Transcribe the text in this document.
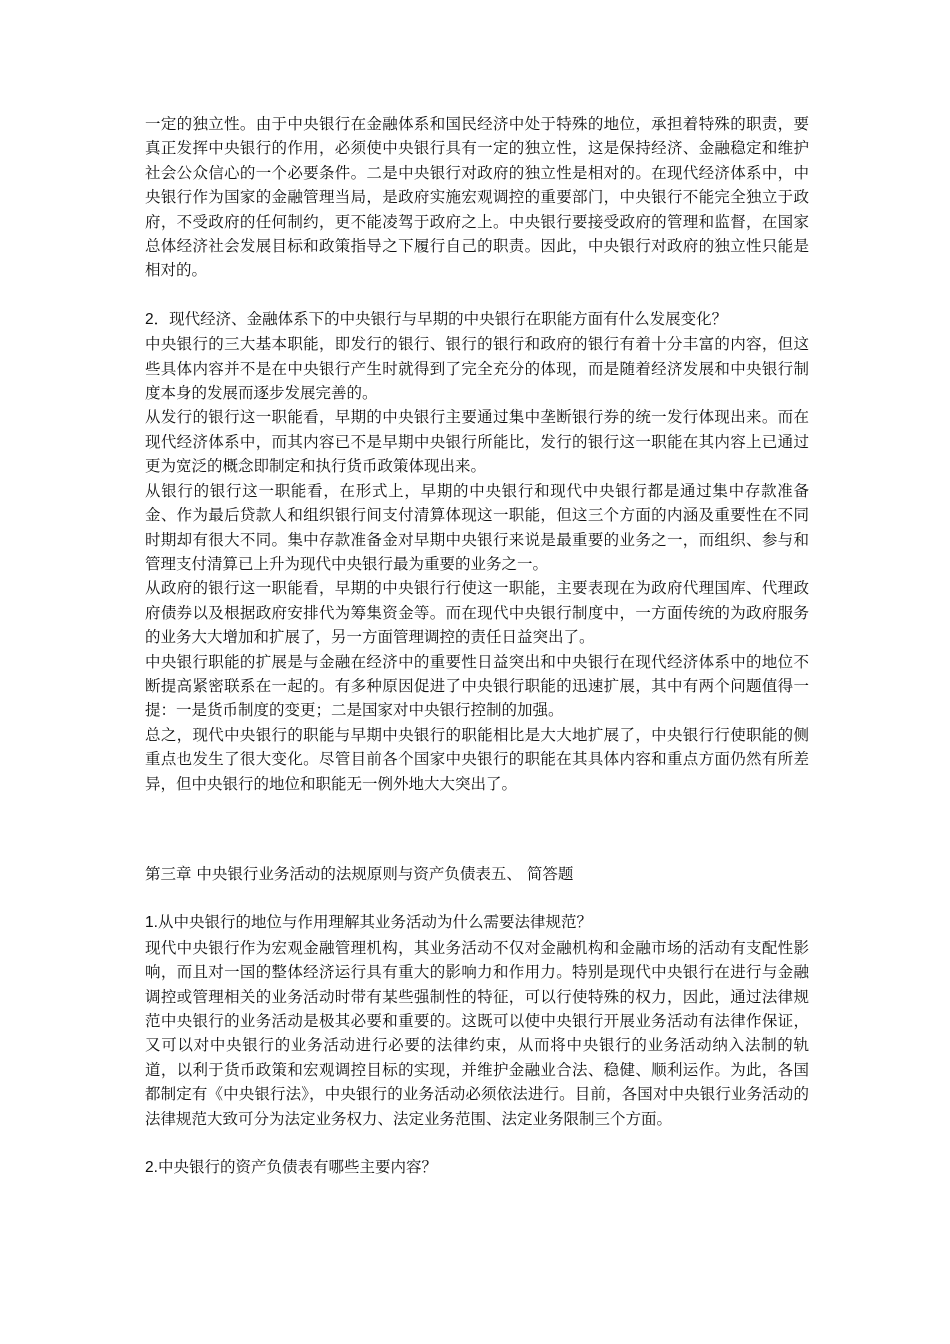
一定的独立性。由于中央银行在金融体系和国民经济中处于特殊的地位，承担着特殊的职责，要真正发挥中央银行的作用，必须使中央银行具有一定的独立性，这是保持经济、金融稳定和维护社会公众信心的一个必要条件。二是中央银行对政府的独立性是相对的。在现代经济体系中，中央银行作为国家的金融管理当局，是政府实施宏观调控的重要部门，中央银行不能完全独立于政府，不受政府的任何制约，更不能凌驾于政府之上。中央银行要接受政府的管理和监督，在国家总体经济社会发展目标和政策指导之下履行自己的职责。因此，中央银行对政府的独立性只能是相对的。

2．现代经济、金融体系下的中央银行与早期的中央银行在职能方面有什么发展变化？

中央银行的三大基本职能，即发行的银行、银行的银行和政府的银行有着十分丰富的内容，但这些具体内容并不是在中央银行产生时就得到了完全充分的体现，而是随着经济发展和中央银行制度本身的发展而逐步发展完善的。

从发行的银行这一职能看，早期的中央银行主要通过集中垄断银行券的统一发行体现出来。而在现代经济体系中，而其内容已不是早期中央银行所能比，发行的银行这一职能在其内容上已通过更为宽泛的概念即制定和执行货币政策体现出来。

从银行的银行这一职能看，在形式上，早期的中央银行和现代中央银行都是通过集中存款准备金、作为最后贷款人和组织银行间支付清算体现这一职能，但这三个方面的内涵及重要性在不同时期却有很大不同。集中存款准备金对早期中央银行来说是最重要的业务之一，而组织、参与和管理支付清算已上升为现代中央银行最为重要的业务之一。

从政府的银行这一职能看，早期的中央银行行使这一职能，主要表现在为政府代理国库、代理政府债券以及根据政府安排代为筹集资金等。而在现代中央银行制度中，一方面传统的为政府服务的业务大大增加和扩展了，另一方面管理调控的责任日益突出了。

中央银行职能的扩展是与金融在经济中的重要性日益突出和中央银行在现代经济体系中的地位不断提高紧密联系在一起的。有多种原因促进了中央银行职能的迅速扩展，其中有两个问题值得一提：一是货币制度的变更；二是国家对中央银行控制的加强。

总之，现代中央银行的职能与早期中央银行的职能相比是大大地扩展了，中央银行行使职能的侧重点也发生了很大变化。尽管目前各个国家中央银行的职能在其具体内容和重点方面仍然有所差异，但中央银行的地位和职能无一例外地大大突出了。

第三章 中央银行业务活动的法规原则与资产负债表五、 简答题

1.从中央银行的地位与作用理解其业务活动为什么需要法律规范？

现代中央银行作为宏观金融管理机构，其业务活动不仅对金融机构和金融市场的活动有支配性影响，而且对一国的整体经济运行具有重大的影响力和作用力。特别是现代中央银行在进行与金融调控或管理相关的业务活动时带有某些强制性的特征，可以行使特殊的权力，因此，通过法律规范中央银行的业务活动是极其必要和重要的。这既可以使中央银行开展业务活动有法律作保证，又可以对中央银行的业务活动进行必要的法律约束，从而将中央银行的业务活动纳入法制的轨道，以利于货币政策和宏观调控目标的实现，并维护金融业合法、稳健、顺利运作。为此，各国都制定有《中央银行法》，中央银行的业务活动必须依法进行。目前，各国对中央银行业务活动的法律规范大致可分为法定业务权力、法定业务范围、法定业务限制三个方面。

2.中央银行的资产负债表有哪些主要内容？
